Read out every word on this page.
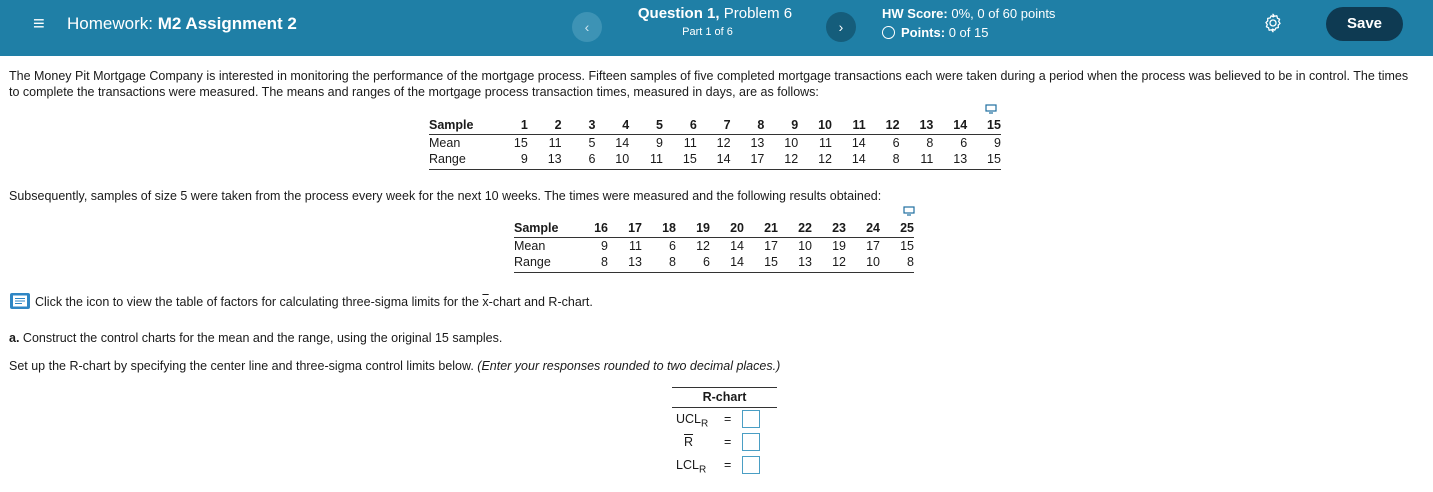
≡ Homework: M2 Assignment 2	‹
Question 1, Problem 6
Part 1 of 6	›
HW Score: 0%, 0 of 60 points
Points: 0 of 15
Save
The Money Pit Mortgage Company is interested in monitoring the performance of the mortgage process. Fifteen samples of five completed mortgage transactions each were taken during a period when the process was believed to be in control. The times to complete the transactions were measured. The means and ranges of the mortgage process transaction times, measured in days, are as follows:
Sample	1	2	3	4	5	6	7	8	9	10	11	12	13	14	15
Mean	15	11	5	14	9	11	12	13	10	11	14	6	8	6	9
Range	9	13	6	10	11	15	14	17	12	12	14	8	11	13	15
Subsequently, samples of size 5 were taken from the process every week for the next 10 weeks. The times were measured and the following results obtained:
Sample	16	17	18	19	20	21	22	23	24	25
Mean	9	11	6	12	14	17	10	19	17	15
Range	8	13	8	6	14	15	13	12	10	8
Click the icon to view the table of factors for calculating three-sigma limits for the $\overline{x}$-chart and R-chart.
a. Construct the control charts for the mean and the range, using the original 15 samples.
Set up the R-chart by specifying the center line and three-sigma control limits below. (Enter your responses rounded to two decimal places.)
R-chart
$UCL_R$ =
$\overline{R}$ =
$LCL_R$ =
